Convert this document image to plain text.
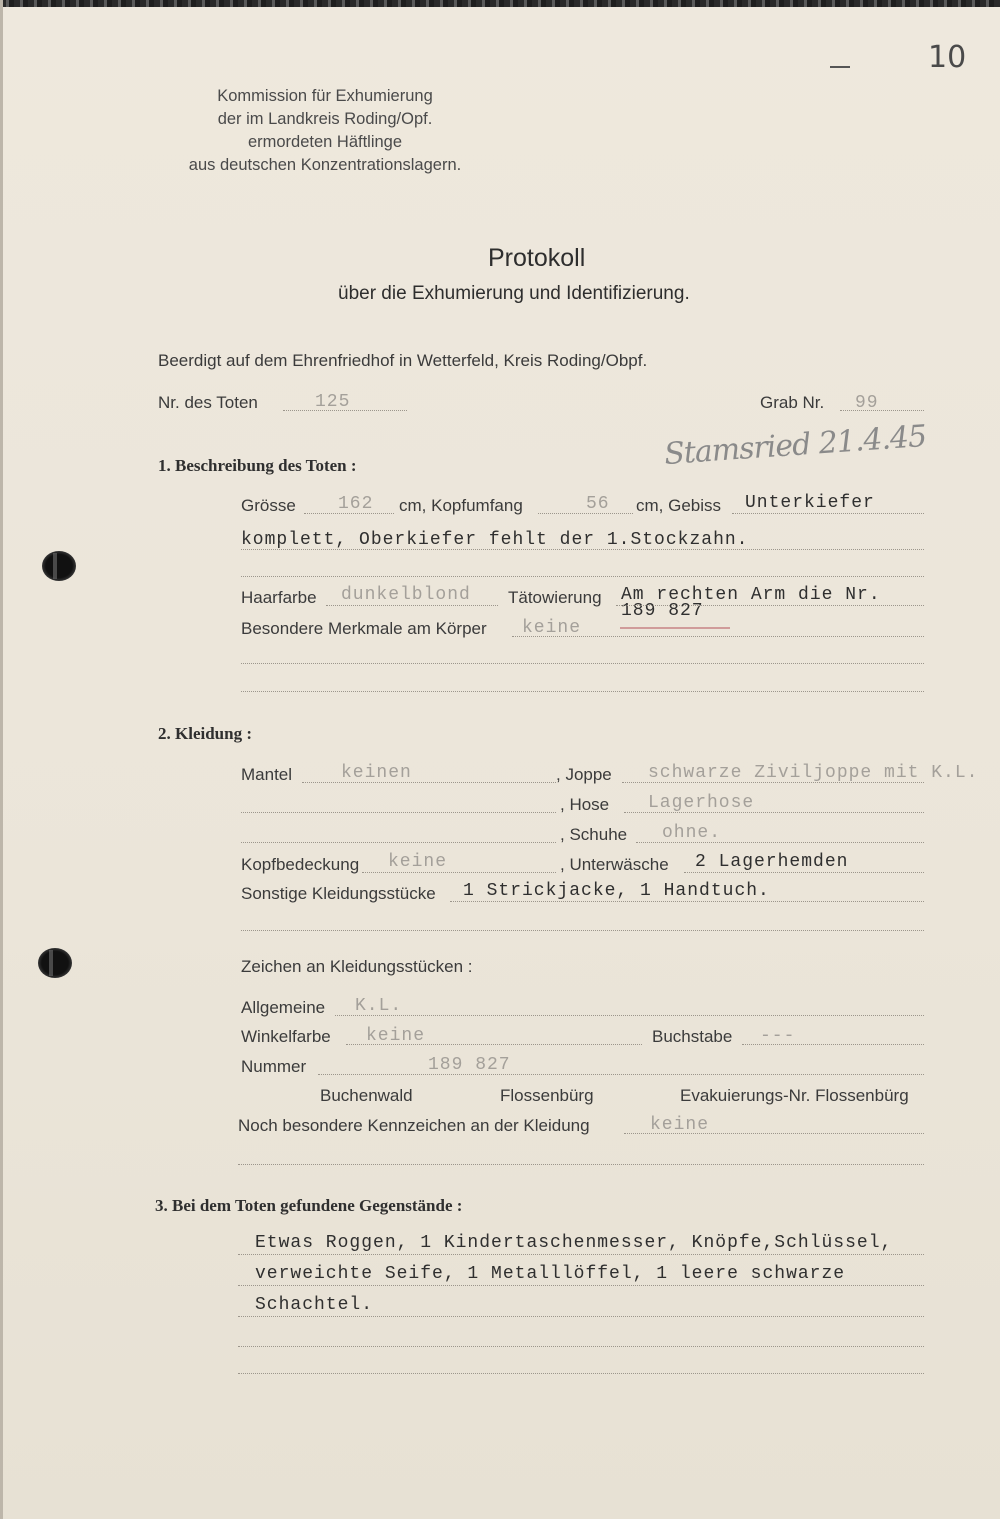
10
Kommission für Exhumierung
der im Landkreis Roding/Opf.
ermordeten Häftlinge
aus deutschen Konzentrationslagern.
Protokoll
über die Exhumierung und Identifizierung.
Beerdigt auf dem Ehrenfriedhof in Wetterfeld, Kreis Roding/Obpf.
Nr. des Toten	125	Grab Nr. 99
1. Beschreibung des Toten :	Stamsried 21.4.45
Grösse 162 cm, Kopfumfang	56 cm, Gebiss Unterkiefer
komplett, Oberkiefer fehlt der 1.Stockzahn.
Haarfarbe dunkelblond Tätowierung Am rechten Arm die Nr.
189 827
Besondere Merkmale am Körper keine
2. Kleidung :
Mantel	keinen	, Joppe schwarze Ziviljoppe mit K.L.
, Hose Lagerhose
, Schuhe ohne.
Kopfbedeckung keine	, Unterwäsche 2 Lagerhemden
Sonstige Kleidungsstücke 1 Strickjacke, 1 Handtuch.
Zeichen an Kleidungsstücken :
Allgemeine K.L.
Winkelfarbe keine	Buchstabe ---
Nummer	189 827
Buchenwald	Flossenbürg	Evakuierungs-Nr. Flossenbürg
Noch besondere Kennzeichen an der Kleidung	keine
3. Bei dem Toten gefundene Gegenstände :
Etwas Roggen, 1 Kindertaschenmesser, Knöpfe,Schlüssel,
verweichte Seife, 1 Metalllöffel, 1 leere schwarze
Schachtel.
